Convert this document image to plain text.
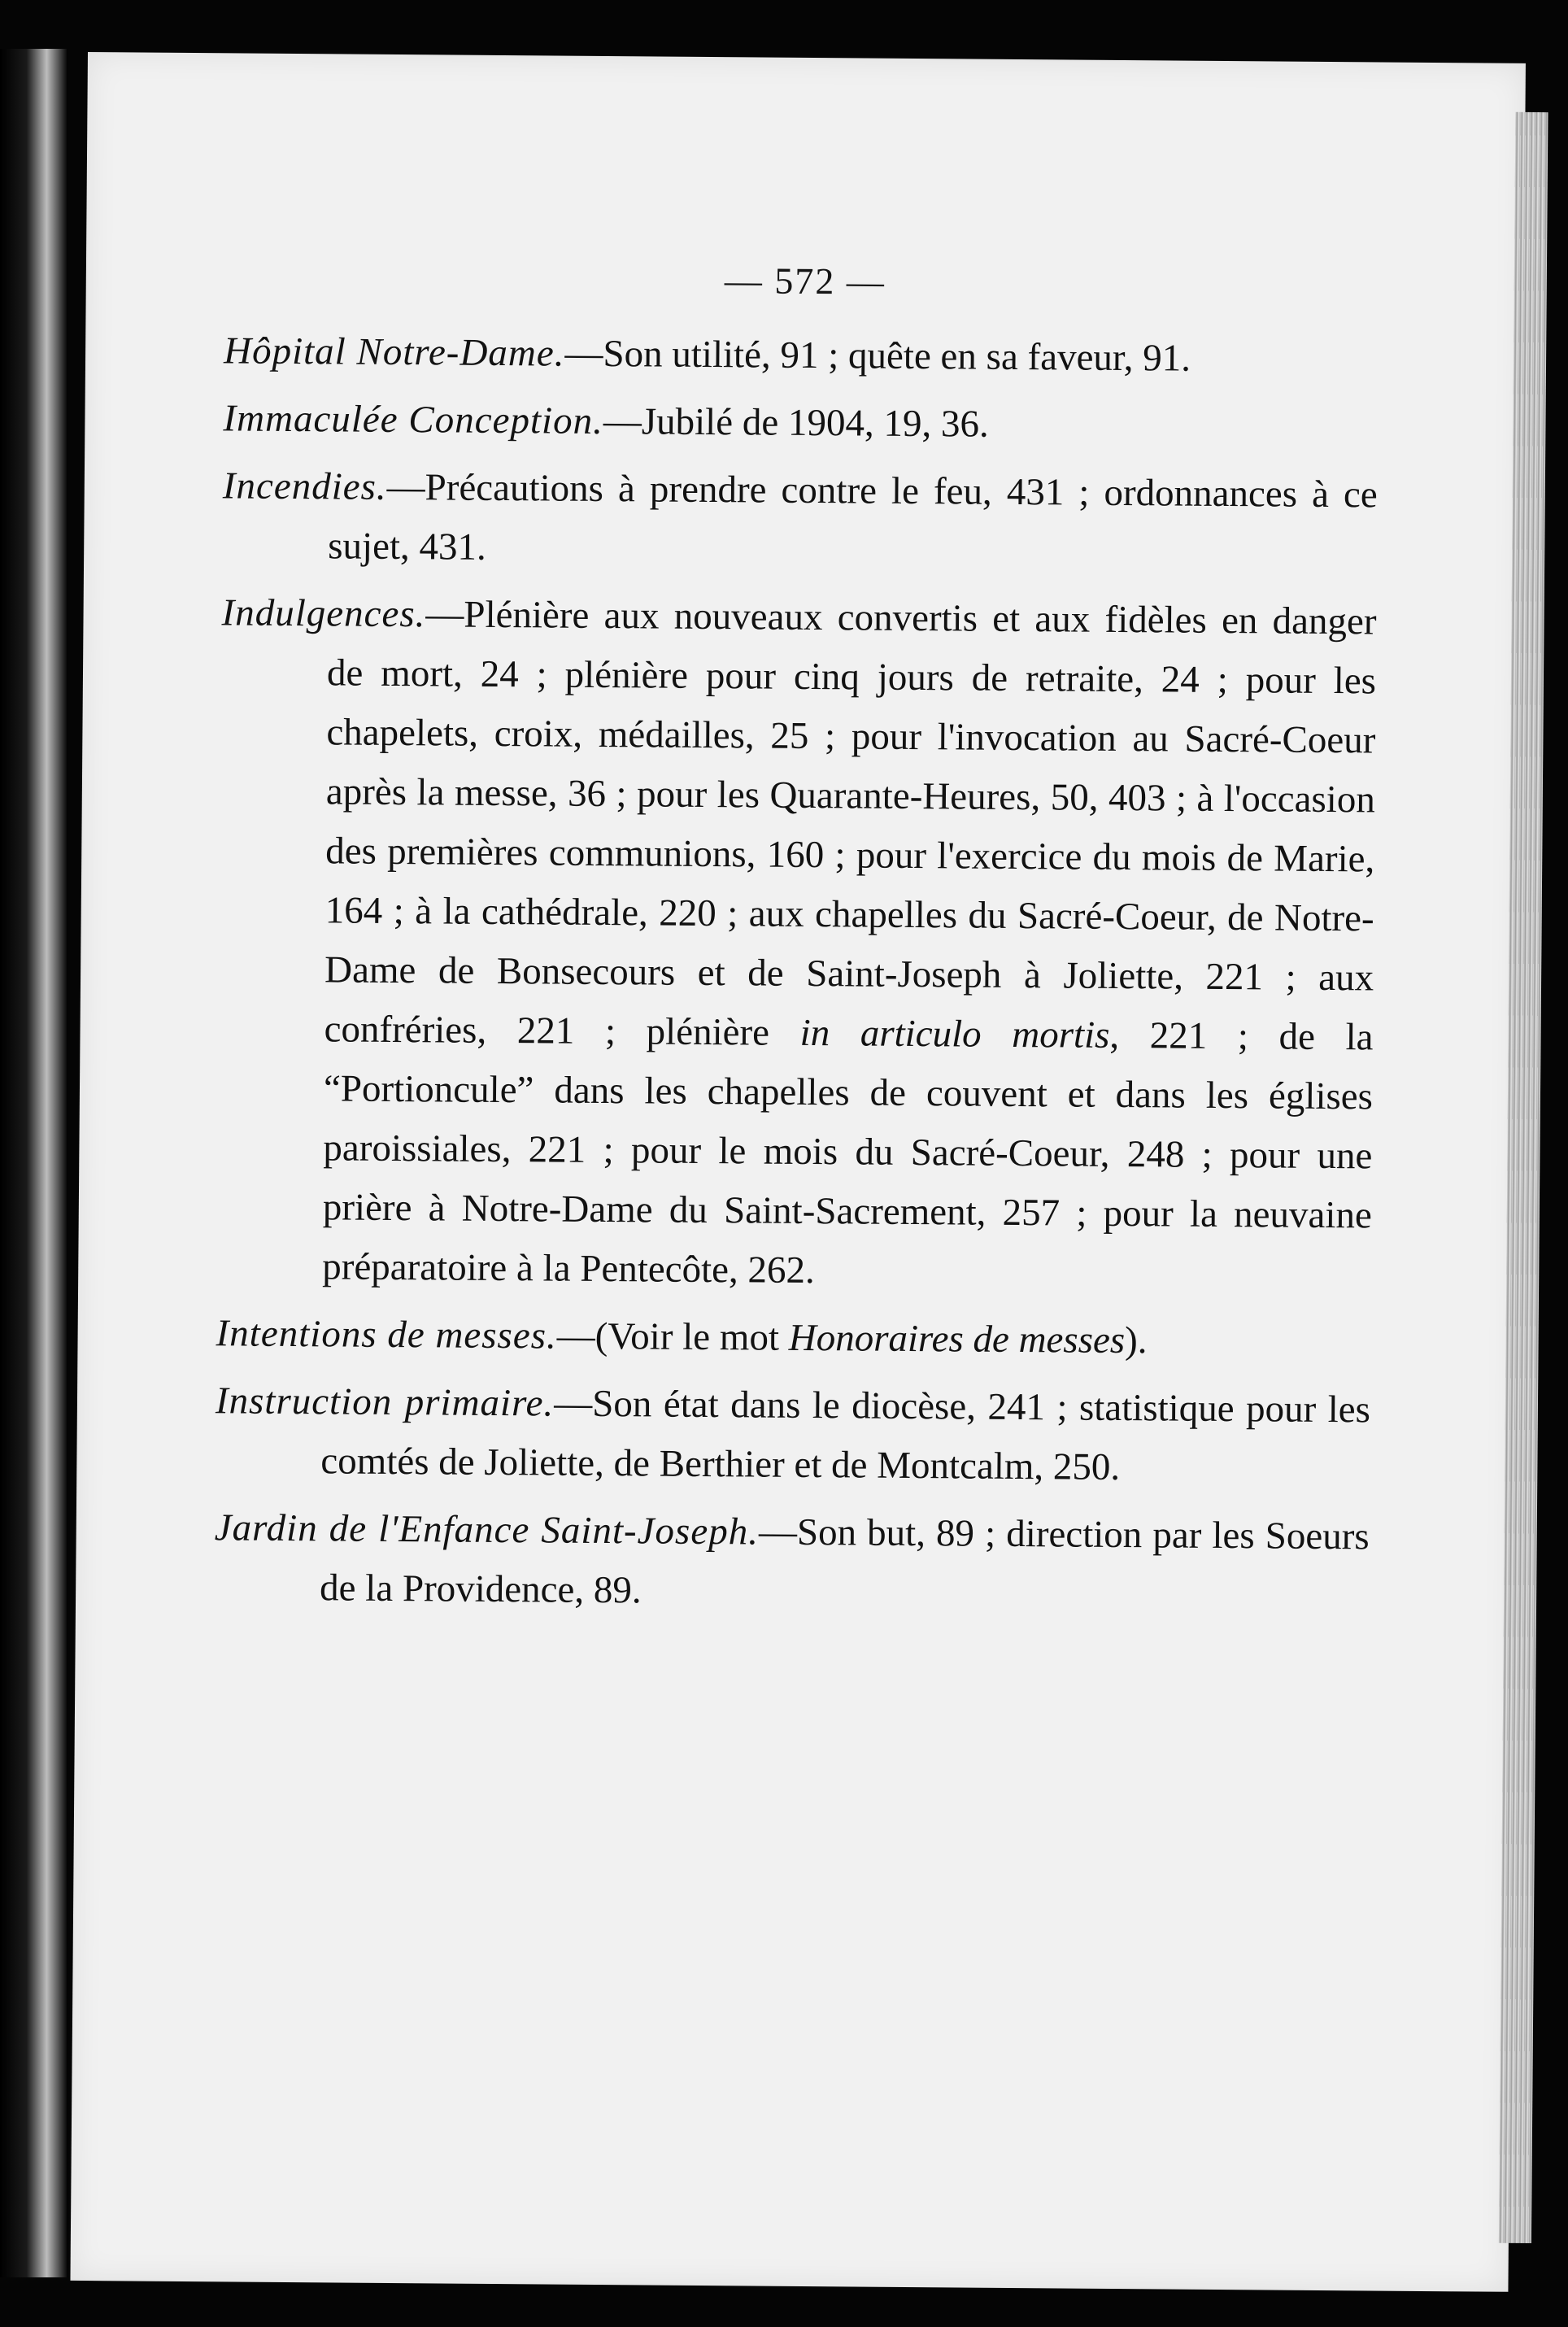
— 572 —

Hôpital Notre-Dame.—Son utilité, 91 ; quête en sa faveur, 91.

Immaculée Conception.—Jubilé de 1904, 19, 36.

Incendies.—Précautions à prendre contre le feu, 431 ; ordonnances à ce sujet, 431.

Indulgences.—Plénière aux nouveaux convertis et aux fidèles en danger de mort, 24 ; plénière pour cinq jours de retraite, 24 ; pour les chapelets, croix, médailles, 25 ; pour l'invocation au Sacré-Coeur après la messe, 36 ; pour les Quarante-Heures, 50, 403 ; à l'occasion des premières communions, 160 ; pour l'exercice du mois de Marie, 164 ; à la cathédrale, 220 ; aux chapelles du Sacré-Coeur, de Notre-Dame de Bonsecours et de Saint-Joseph à Joliette, 221 ; aux confréries, 221 ; plénière in articulo mortis, 221 ; de la “Portioncule” dans les chapelles de couvent et dans les églises paroissiales, 221 ; pour le mois du Sacré-Coeur, 248 ; pour une prière à Notre-Dame du Saint-Sacrement, 257 ; pour la neuvaine préparatoire à la Pentecôte, 262.

Intentions de messes.—(Voir le mot Honoraires de messes).

Instruction primaire.—Son état dans le diocèse, 241 ; statistique pour les comtés de Joliette, de Berthier et de Montcalm, 250.

Jardin de l'Enfance Saint-Joseph.—Son but, 89 ; direction par les Soeurs de la Providence, 89.
